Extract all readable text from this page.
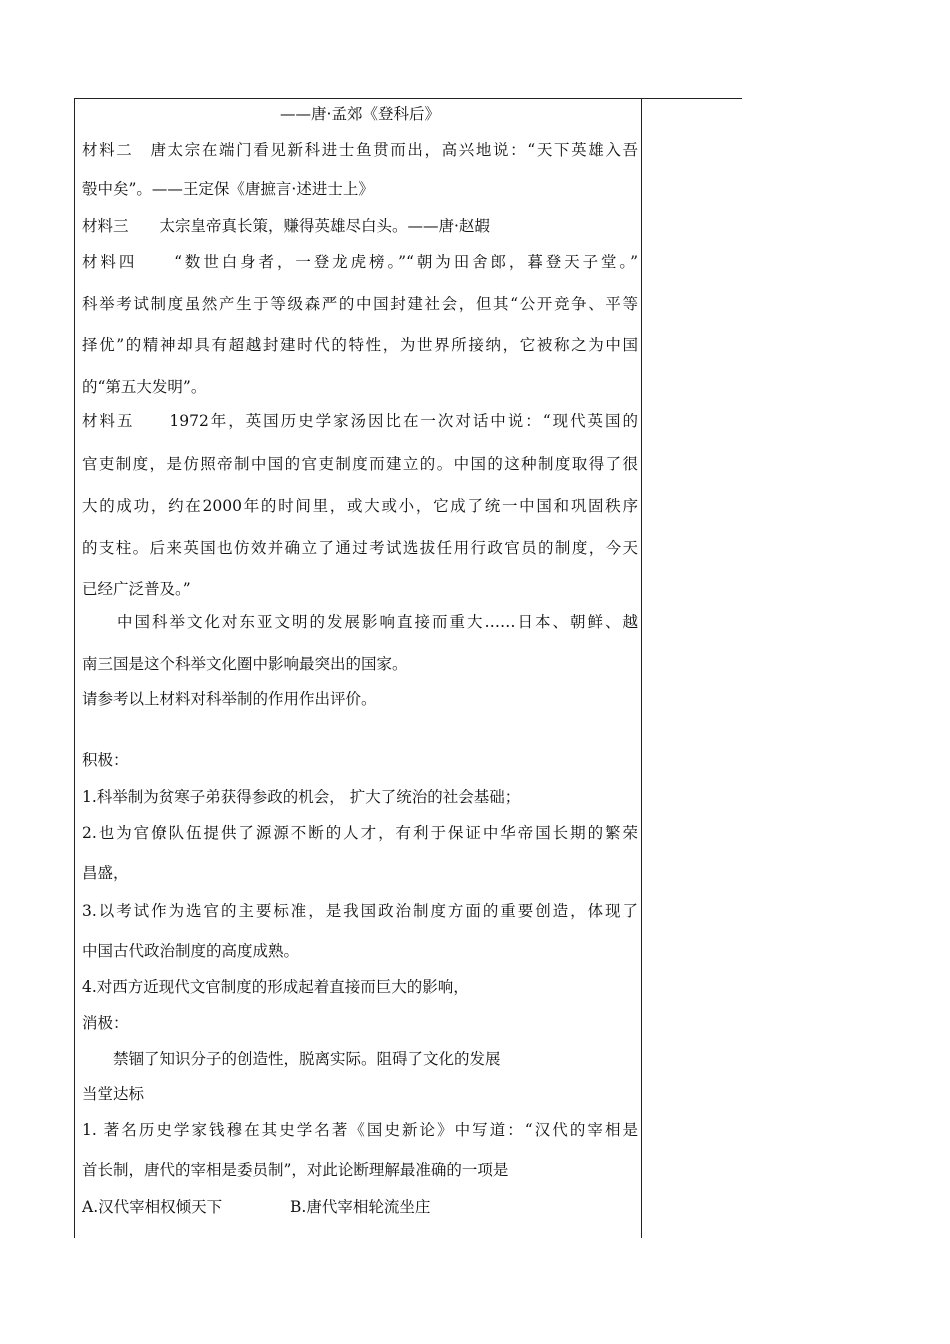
——唐·孟郊《登科后》
材料二　唐太宗在端门看见新科进士鱼贯而出，高兴地说：“天下英雄入吾
彀中矣”。——王定保《唐摭言·述进士上》
材料三　　太宗皇帝真长策，赚得英雄尽白头。——唐·赵嘏
材料四　　“数世白身者，一登龙虎榜。”“朝为田舍郎，暮登天子堂。”
科举考试制度虽然产生于等级森严的中国封建社会，但其“公开竞争、平等
择优”的精神却具有超越封建时代的特性，为世界所接纳，它被称之为中国
的“第五大发明”。
材料五　　1972年，英国历史学家汤因比在一次对话中说：“现代英国的
官吏制度，是仿照帝制中国的官吏制度而建立的。中国的这种制度取得了很
大的成功，约在2000年的时间里，或大或小，它成了统一中国和巩固秩序
的支柱。后来英国也仿效并确立了通过考试选拔任用行政官员的制度，今天
已经广泛普及。”
　　中国科举文化对东亚文明的发展影响直接而重大……日本、朝鲜、越
南三国是这个科举文化圈中影响最突出的国家。
请参考以上材料对科举制的作用作出评价。
积极：
1.科举制为贫寒子弟获得参政的机会， 扩大了统治的社会基础；
2.也为官僚队伍提供了源源不断的人才，有利于保证中华帝国长期的繁荣
昌盛，
3.以考试作为选官的主要标准，是我国政治制度方面的重要创造，体现了
中国古代政治制度的高度成熟。
4.对西方近现代文官制度的形成起着直接而巨大的影响，
消极：
　　禁锢了知识分子的创造性，脱离实际。阻碍了文化的发展
当堂达标
1. 著名历史学家钱穆在其史学名著《国史新论》中写道：“汉代的宰相是
首长制，唐代的宰相是委员制”，对此论断理解最准确的一项是
A.汉代宰相权倾天下	B.唐代宰相轮流坐庄
